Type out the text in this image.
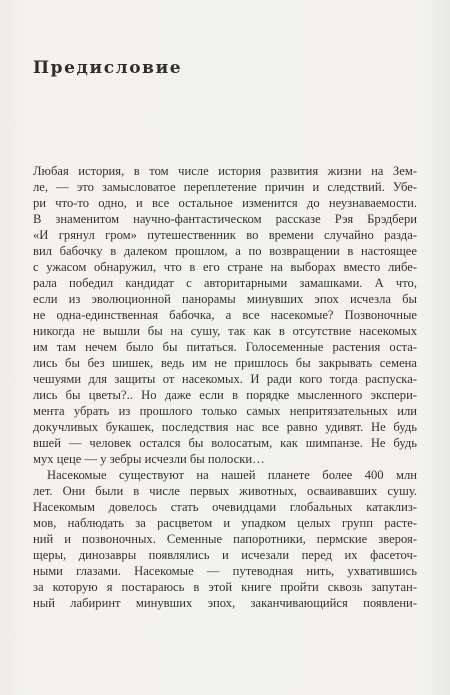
Предисловие
Любая история, в том числе история развития жизни на Зем-
ле, — это замысловатое переплетение причин и следствий. Убе-
ри что-то одно, и все остальное изменится до неузнаваемости.
В знаменитом научно-фантастическом рассказе Рэя Брэдбери
«И грянул гром» путешественник во времени случайно разда-
вил бабочку в далеком прошлом, а по возвращении в настоящее
с ужасом обнаружил, что в его стране на выборах вместо либе-
рала победил кандидат с авторитарными замашками. А что,
если из эволюционной панорамы минувших эпох исчезла бы
не одна-единственная бабочка, а все насекомые? Позвоночные
никогда не вышли бы на сушу, так как в отсутствие насекомых
им там нечем было бы питаться. Голосеменные растения оста-
лись бы без шишек, ведь им не пришлось бы закрывать семена
чешуями для защиты от насекомых. И ради кого тогда распуска-
лись бы цветы?.. Но даже если в порядке мысленного экспери-
мента убрать из прошлого только самых непритязательных или
докучливых букашек, последствия нас все равно удивят. Не будь
вшей — человек остался бы волосатым, как шимпанзе. Не будь
мух цеце — у зебры исчезли бы полоски…
Насекомые существуют на нашей планете более 400 млн
лет. Они были в числе первых животных, осваивавших сушу.
Насекомым довелось стать очевидцами глобальных катаклиз-
мов, наблюдать за расцветом и упадком целых групп расте-
ний и позвоночных. Семенные папоротники, пермские звероя-
щеры, динозавры появлялись и исчезали перед их фасеточ-
ными глазами. Насекомые — путеводная нить, ухватившись
за которую я постараюсь в этой книге пройти сквозь запутан-
ный лабиринт минувших эпох, заканчивающийся появлени-
